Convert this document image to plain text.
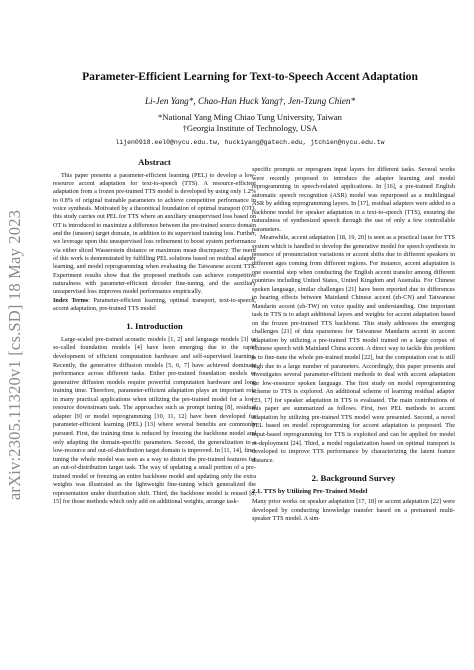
arXiv:2305.11320v1 [cs.SD] 18 May 2023
Parameter-Efficient Learning for Text-to-Speech Accent Adaptation
Li-Jen Yang*, Chao-Han Huck Yang†, Jen-Tzung Chien*
*National Yang Ming Chiao Tung University, Taiwan
†Georgia Institute of Technology, USA
lijen0918.eel0@nycu.edu.tw, huckiyang@gatech.edu, jtchien@nycu.edu.tw
Abstract

This paper presents a parameter-efficient learning (PEL) to develop a low-resource accent adaptation for text-to-speech (TTS). A resource-efficient adaptation from a frozen pre-trained TTS model is developed by using only 1.2% to 0.8% of original trainable parameters to achieve competitive performance in voice synthesis. Motivated by a theoretical foundation of optimal transport (OT), this study carries out PEL for TTS where an auxiliary unsupervised loss based on OT is introduced to maximize a difference between the pre-trained source domain and the (unseen) target domain, in addition to its supervised training loss. Further, we leverage upon this unsupervised loss refinement to boost system performance via either sliced Wasserstein distance or maximum mean discrepancy. The merit of this work is demonstrated by fulfilling PEL solutions based on residual adapter learning, and model reprogramming when evaluating the Taiwanese accent TTS. Experiment results show that the proposed methods can achieve competitive naturalness with parameter-efficient decoder fine-tuning, and the auxiliary unsupervised loss improves model performance empirically.

Index Terms: Parameter-efficient learning, optimal transport, text-to-speech, accent adaptation, pre-trained TTS model

1. Introduction

Large-scaled pre-trained acoustic models [1, 2] and language models [3] or so-called foundation models [4] have been emerging due to the rapid development of efficient computation hardware and self-supervised learning. Recently, the generative diffusion models [5, 6, 7] have achieved dominant performance across different tasks. Either pre-trained foundation models or generative diffusion models require powerful computation hardware and long training time. Therefore, parameter-efficient adaptation plays an important role in many practical applications when utilizing the pre-trained model for a low-resource downstream task. The approaches such as prompt tuning [8], residual adapter [9] or model reprogramming [10, 11, 12] have been developed for parameter-efficient learning (PEL) [13] where several benefits are commonly pursued. First, the training time is reduced by freezing the backbone model and only adapting the domain-specific parameters. Second, the generalization to a low-resource and out-of-distribution target domain is improved. In [11, 14], fine-tuning the whole model was seen as a way to distort the pre-trained features for an out-of-distribution target task. The way of updating a small portion of a pre-trained model or freezing an entire backbone model and updating only the extra weights was illustrated as the lightweight fine-tuning which generalized the representation under distribution shift. Third, the backbone model is reused [8, 15] for those methods which only add on additional weights, arrange task-

specific prompts or reprogram input layers for different tasks. Several works were recently proposed to introduce the adapter learning and model reprogramming in speech-related applications. In [16], a pre-trained English automatic speech recognition (ASR) model was repurposed as a multilingual ASR by adding reprogramming layers. In [17], residual adapters were added to a backbone model for speaker adaptation in a text-to-speech (TTS), ensuring the naturalness of synthesized speech through the use of only a few controllable parameters.

Meanwhile, accent adaptation [18, 19, 20] is seen as a practical issue for TTS system which is handled to develop the generative model for speech synthesis in presence of pronunciation variations or accent shifts due to different speakers in different ages coming from different regions. For instance, accent adaptation is one essential step when conducting the English accent transfer among different countries including United States, United Kingdom and Australia. For Chinese spoken language, similar challenges [21] have been reported due to differences in hearing effects between Mainland Chinese accent (zh-CN) and Taiwanese Mandarin accent (zh-TW) on voice quality and understanding. One important task in TTS is to adapt additional layers and weights for accent adaptation based on the frozen pre-trained TTS backbone. This study addresses the emerging challenges [21] of data sparseness for Taiwanese Mandarin accent in accent adaptation by utilizing a pre-trained TTS model trained on a large corpus of Chinese speech with Mainland China accent. A direct way to tackle this problem is to fine-tune the whole pre-trained model [22], but the computation cost is still high due to a large number of parameters. Accordingly, this paper presents and investigates several parameter-efficient methods to deal with accent adaptation for low-resource spoken language. The first study on model reprogramming scheme to TTS is explored. An additional scheme of learning residual adapter [23, 17] for speaker adaptation in TTS is evaluated. The main contributions of this paper are summarized as follows. First, two PEL methods to accent adaptation by utilizing pre-trained TTS model were presented. Second, a novel PEL based on model reprogramming for accent adaptation is proposed. The input-based reprogramming for TTS is exploited and can be applied for model re-deployment [24]. Third, a model regularization based on optimal transport is developed to improve TTS performance by characterizing the latent feature distance.

2. Background Survey
2.1. TTS by Utilizing Pre-Trained Model

Many prior works on speaker adaptation [17, 18] or accent adaptation [22] were developed by conducting knowledge transfer based on a pretrained multi-speaker TTS model. A sim-
